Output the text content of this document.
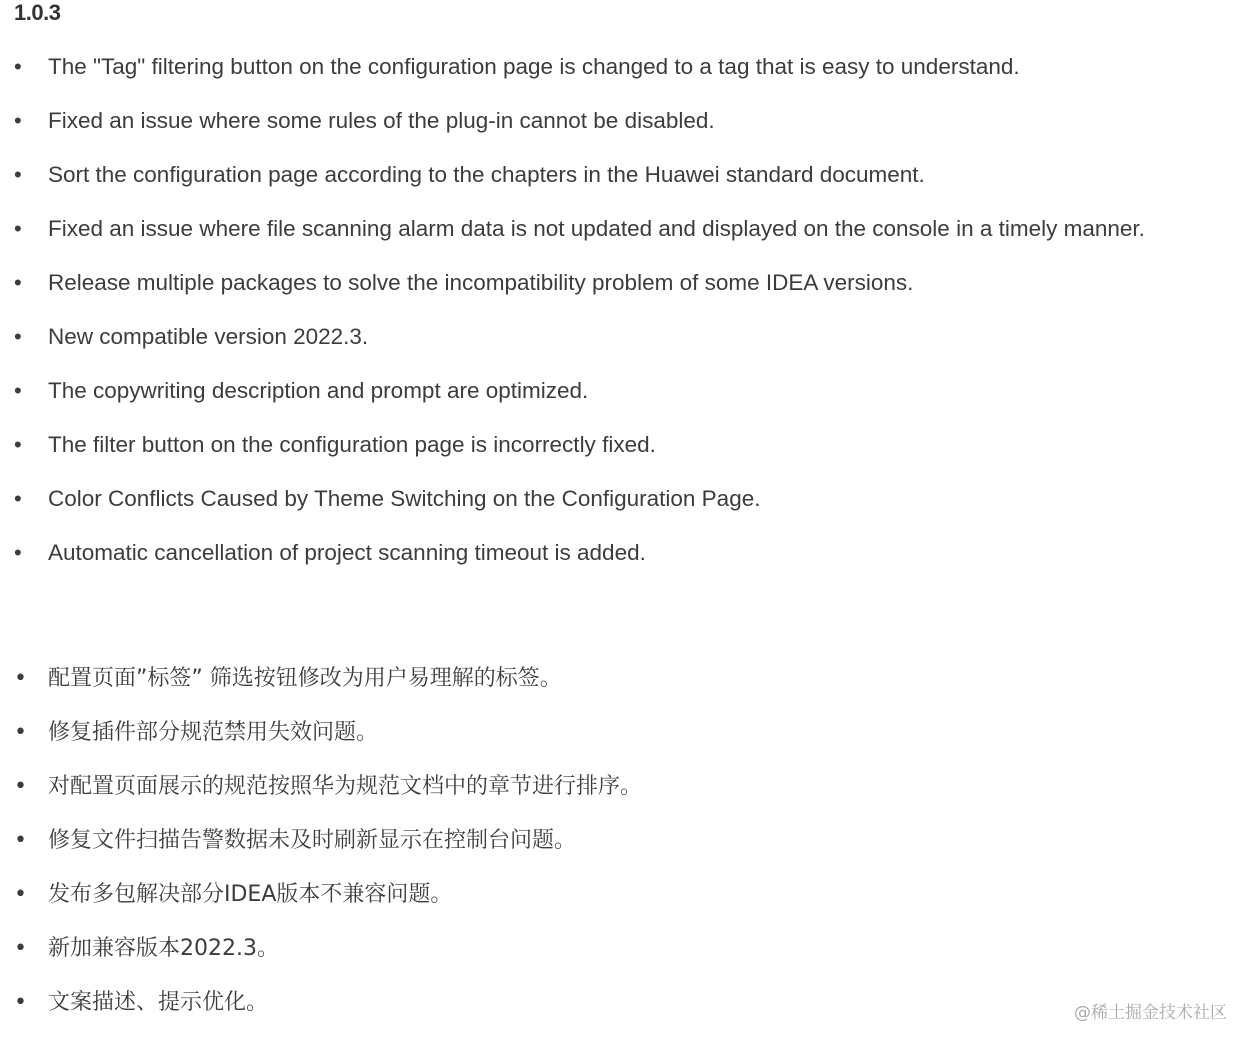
1.0.3
• The "Tag" filtering button on the configuration page is changed to a tag that is easy to understand.
• Fixed an issue where some rules of the plug-in cannot be disabled.
• Sort the configuration page according to the chapters in the Huawei standard document.
• Fixed an issue where file scanning alarm data is not updated and displayed on the console in a timely manner.
• Release multiple packages to solve the incompatibility problem of some IDEA versions.
• New compatible version 2022.3.
• The copywriting description and prompt are optimized.
• The filter button on the configuration page is incorrectly fixed.
• Color Conflicts Caused by Theme Switching on the Configuration Page.
• Automatic cancellation of project scanning timeout is added.
• 配置页面”标签” 筛选按钮修改为用户易理解的标签。
• 修复插件部分规范禁用失效问题。
• 对配置页面展示的规范按照华为规范文档中的章节进行排序。
• 修复文件扫描告警数据未及时刷新显示在控制台问题。
• 发布多包解决部分IDEA版本不兼容问题。
• 新加兼容版本2022.3。
• 文案描述、提示优化。	@稀土掘金技术社区
